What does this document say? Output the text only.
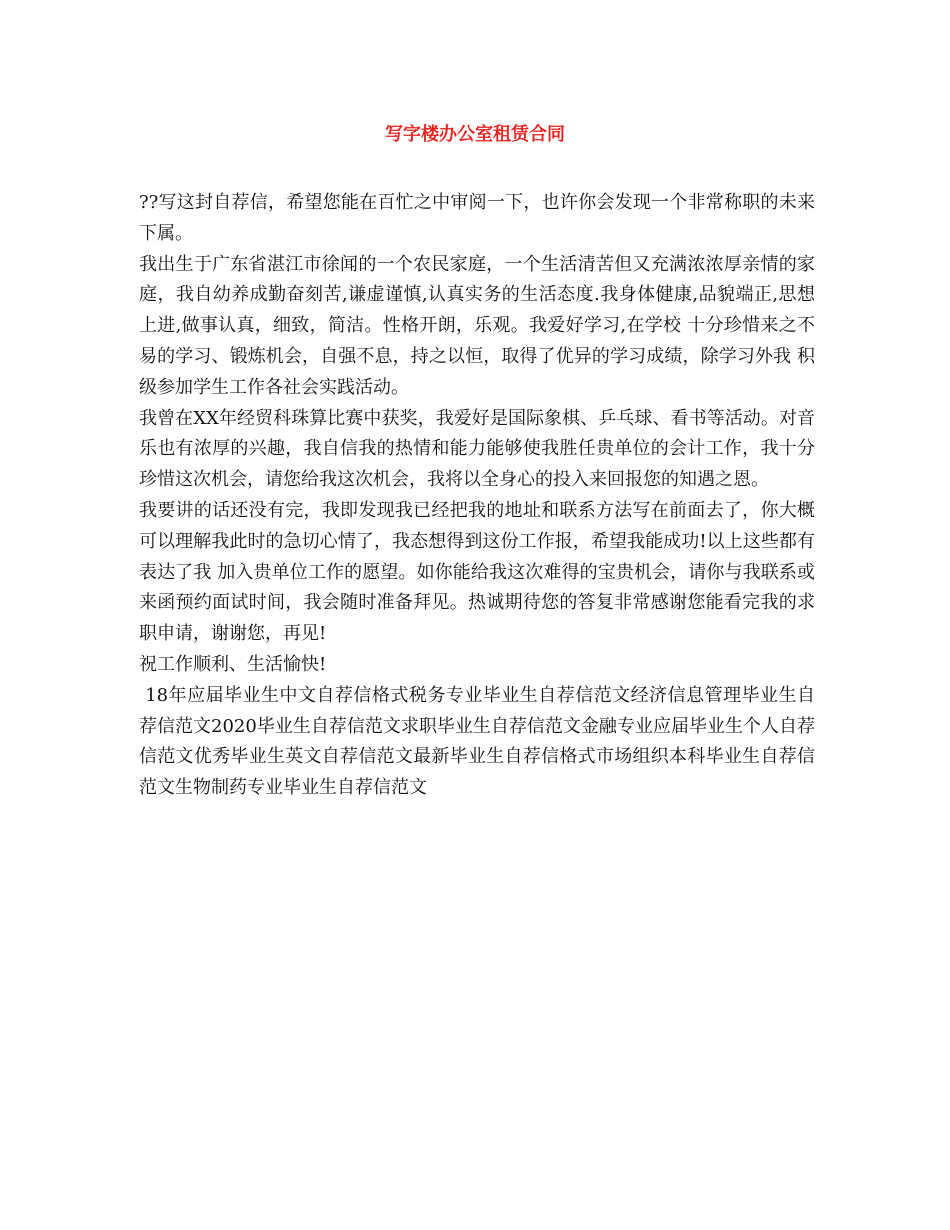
写字楼办公室租赁合同

??写这封自荐信，希望您能在百忙之中审阅一下，也许你会发现一个非常称职的未来下属。

我出生于广东省湛江市徐闻的一个农民家庭，一个生活清苦但又充满浓浓厚亲情的家庭，我自幼养成勤奋刻苦,谦虚谨慎,认真实务的生活态度.我身体健康,品貌端正,思想上进,做事认真，细致，简洁。性格开朗，乐观。我爱好学习,在学校 十分珍惜来之不易的学习、锻炼机会，自强不息，持之以恒，取得了优异的学习成绩，除学习外我 积级参加学生工作各社会实践活动。

我曾在XX年经贸科珠算比赛中获奖，我爱好是国际象棋、乒乓球、看书等活动。对音乐也有浓厚的兴趣，我自信我的热情和能力能够使我胜任贵单位的会计工作，我十分珍惜这次机会，请您给我这次机会，我将以全身心的投入来回报您的知遇之恩。

我要讲的话还没有完，我即发现我已经把我的地址和联系方法写在前面去了，你大概可以理解我此时的急切心情了，我态想得到这份工作报，希望我能成功!以上这些都有表达了我 加入贵单位工作的愿望。如你能给我这次难得的宝贵机会，请你与我联系或来函预约面试时间，我会随时准备拜见。热诚期待您的答复非常感谢您能看完我的求职申请，谢谢您，再见!

祝工作顺利、生活愉快!

18年应届毕业生中文自荐信格式税务专业毕业生自荐信范文经济信息管理毕业生自荐信范文2020毕业生自荐信范文求职毕业生自荐信范文金融专业应届毕业生个人自荐信范文优秀毕业生英文自荐信范文最新毕业生自荐信格式市场组织本科毕业生自荐信范文生物制药专业毕业生自荐信范文
